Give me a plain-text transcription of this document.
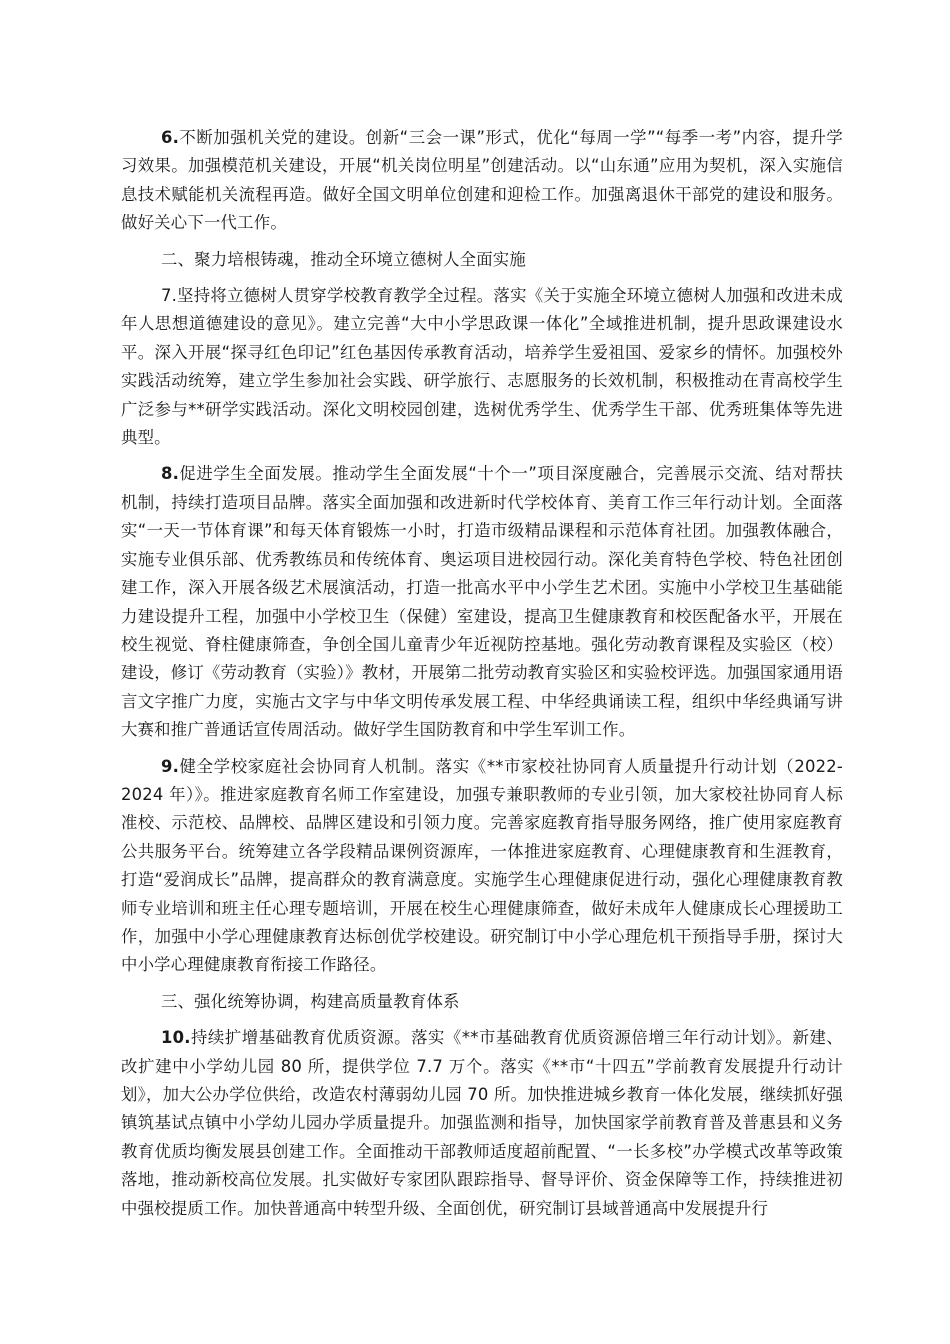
6.不断加强机关党的建设。创新“三会一课”形式，优化“每周一学”“每季一考”内容，提升学习效果。加强模范机关建设，开展“机关岗位明星”创建活动。以“山东通”应用为契机，深入实施信息技术赋能机关流程再造。做好全国文明单位创建和迎检工作。加强离退休干部党的建设和服务。做好关心下一代工作。

二、聚力培根铸魂，推动全环境立德树人全面实施

7.坚持将立德树人贯穿学校教育教学全过程。落实《关于实施全环境立德树人加强和改进未成年人思想道德建设的意见》。建立完善“大中小学思政课一体化”全域推进机制，提升思政课建设水平。深入开展“探寻红色印记”红色基因传承教育活动，培养学生爱祖国、爱家乡的情怀。加强校外实践活动统筹，建立学生参加社会实践、研学旅行、志愿服务的长效机制，积极推动在青高校学生广泛参与**研学实践活动。深化文明校园创建，选树优秀学生、优秀学生干部、优秀班集体等先进典型。

8.促进学生全面发展。推动学生全面发展“十个一”项目深度融合，完善展示交流、结对帮扶机制，持续打造项目品牌。落实全面加强和改进新时代学校体育、美育工作三年行动计划。全面落实“一天一节体育课”和每天体育锻炼一小时，打造市级精品课程和示范体育社团。加强教体融合，实施专业俱乐部、优秀教练员和传统体育、奥运项目进校园行动。深化美育特色学校、特色社团创建工作，深入开展各级艺术展演活动，打造一批高水平中小学生艺术团。实施中小学校卫生基础能力建设提升工程，加强中小学校卫生（保健）室建设，提高卫生健康教育和校医配备水平，开展在校生视觉、脊柱健康筛查，争创全国儿童青少年近视防控基地。强化劳动教育课程及实验区（校）建设，修订《劳动教育（实验）》教材，开展第二批劳动教育实验区和实验校评选。加强国家通用语言文字推广力度，实施古文字与中华文明传承发展工程、中华经典诵读工程，组织中华经典诵写讲大赛和推广普通话宣传周活动。做好学生国防教育和中学生军训工作。

9.健全学校家庭社会协同育人机制。落实《**市家校社协同育人质量提升行动计划（2022-2024 年）》。推进家庭教育名师工作室建设，加强专兼职教师的专业引领，加大家校社协同育人标准校、示范校、品牌校、品牌区建设和引领力度。完善家庭教育指导服务网络，推广使用家庭教育公共服务平台。统筹建立各学段精品课例资源库，一体推进家庭教育、心理健康教育和生涯教育，打造“爱润成长”品牌，提高群众的教育满意度。实施学生心理健康促进行动，强化心理健康教育教师专业培训和班主任心理专题培训，开展在校生心理健康筛查，做好未成年人健康成长心理援助工作，加强中小学心理健康教育达标创优学校建设。研究制订中小学心理危机干预指导手册，探讨大中小学心理健康教育衔接工作路径。

三、强化统筹协调，构建高质量教育体系

10.持续扩增基础教育优质资源。落实《**市基础教育优质资源倍增三年行动计划》。新建、改扩建中小学幼儿园 80 所，提供学位 7.7 万个。落实《**市“十四五”学前教育发展提升行动计划》，加大公办学位供给，改造农村薄弱幼儿园 70 所。加快推进城乡教育一体化发展，继续抓好强镇筑基试点镇中小学幼儿园办学质量提升。加强监测和指导，加快国家学前教育普及普惠县和义务教育优质均衡发展县创建工作。全面推动干部教师适度超前配置、“一长多校”办学模式改革等政策落地，推动新校高位发展。扎实做好专家团队跟踪指导、督导评价、资金保障等工作，持续推进初中强校提质工作。加快普通高中转型升级、全面创优，研究制订县域普通高中发展提升行
